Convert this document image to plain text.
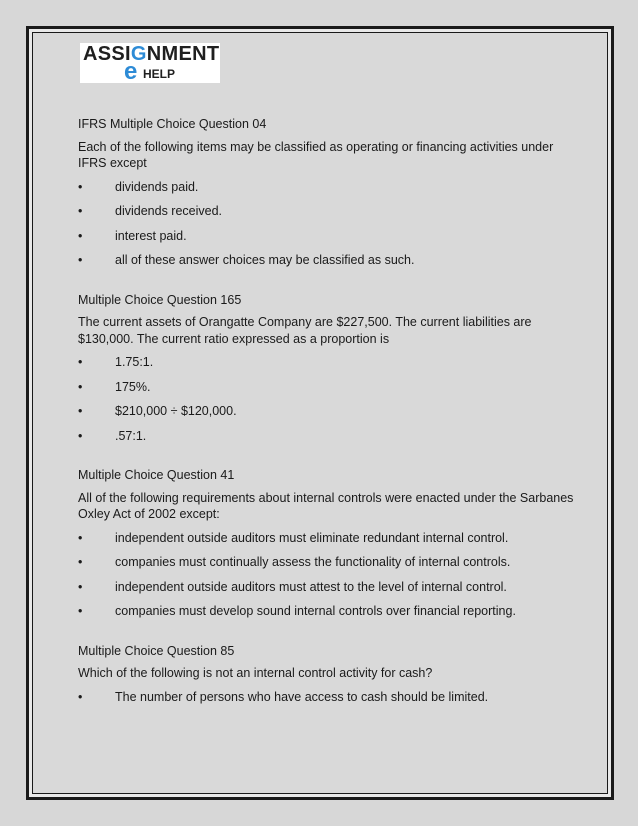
ASSIGNMENT
e HELP

IFRS Multiple Choice Question 04

Each of the following items may be classified as operating or financing activities under IFRS except

•	dividends paid.
•	dividends received.
•	interest paid.
•	all of these answer choices may be classified as such.

Multiple Choice Question 165

The current assets of Orangatte Company are $227,500. The current liabilities are $130,000. The current ratio expressed as a proportion is

•	1.75:1.
•	175%.
•	$210,000 ÷ $120,000.
•	.57:1.

Multiple Choice Question 41

All of the following requirements about internal controls were enacted under the Sarbanes Oxley Act of 2002 except:

•	independent outside auditors must eliminate redundant internal control.
•	companies must continually assess the functionality of internal controls.
•	independent outside auditors must attest to the level of internal control.
•	companies must develop sound internal controls over financial reporting.

Multiple Choice Question 85

Which of the following is not an internal control activity for cash?

•	The number of persons who have access to cash should be limited.
